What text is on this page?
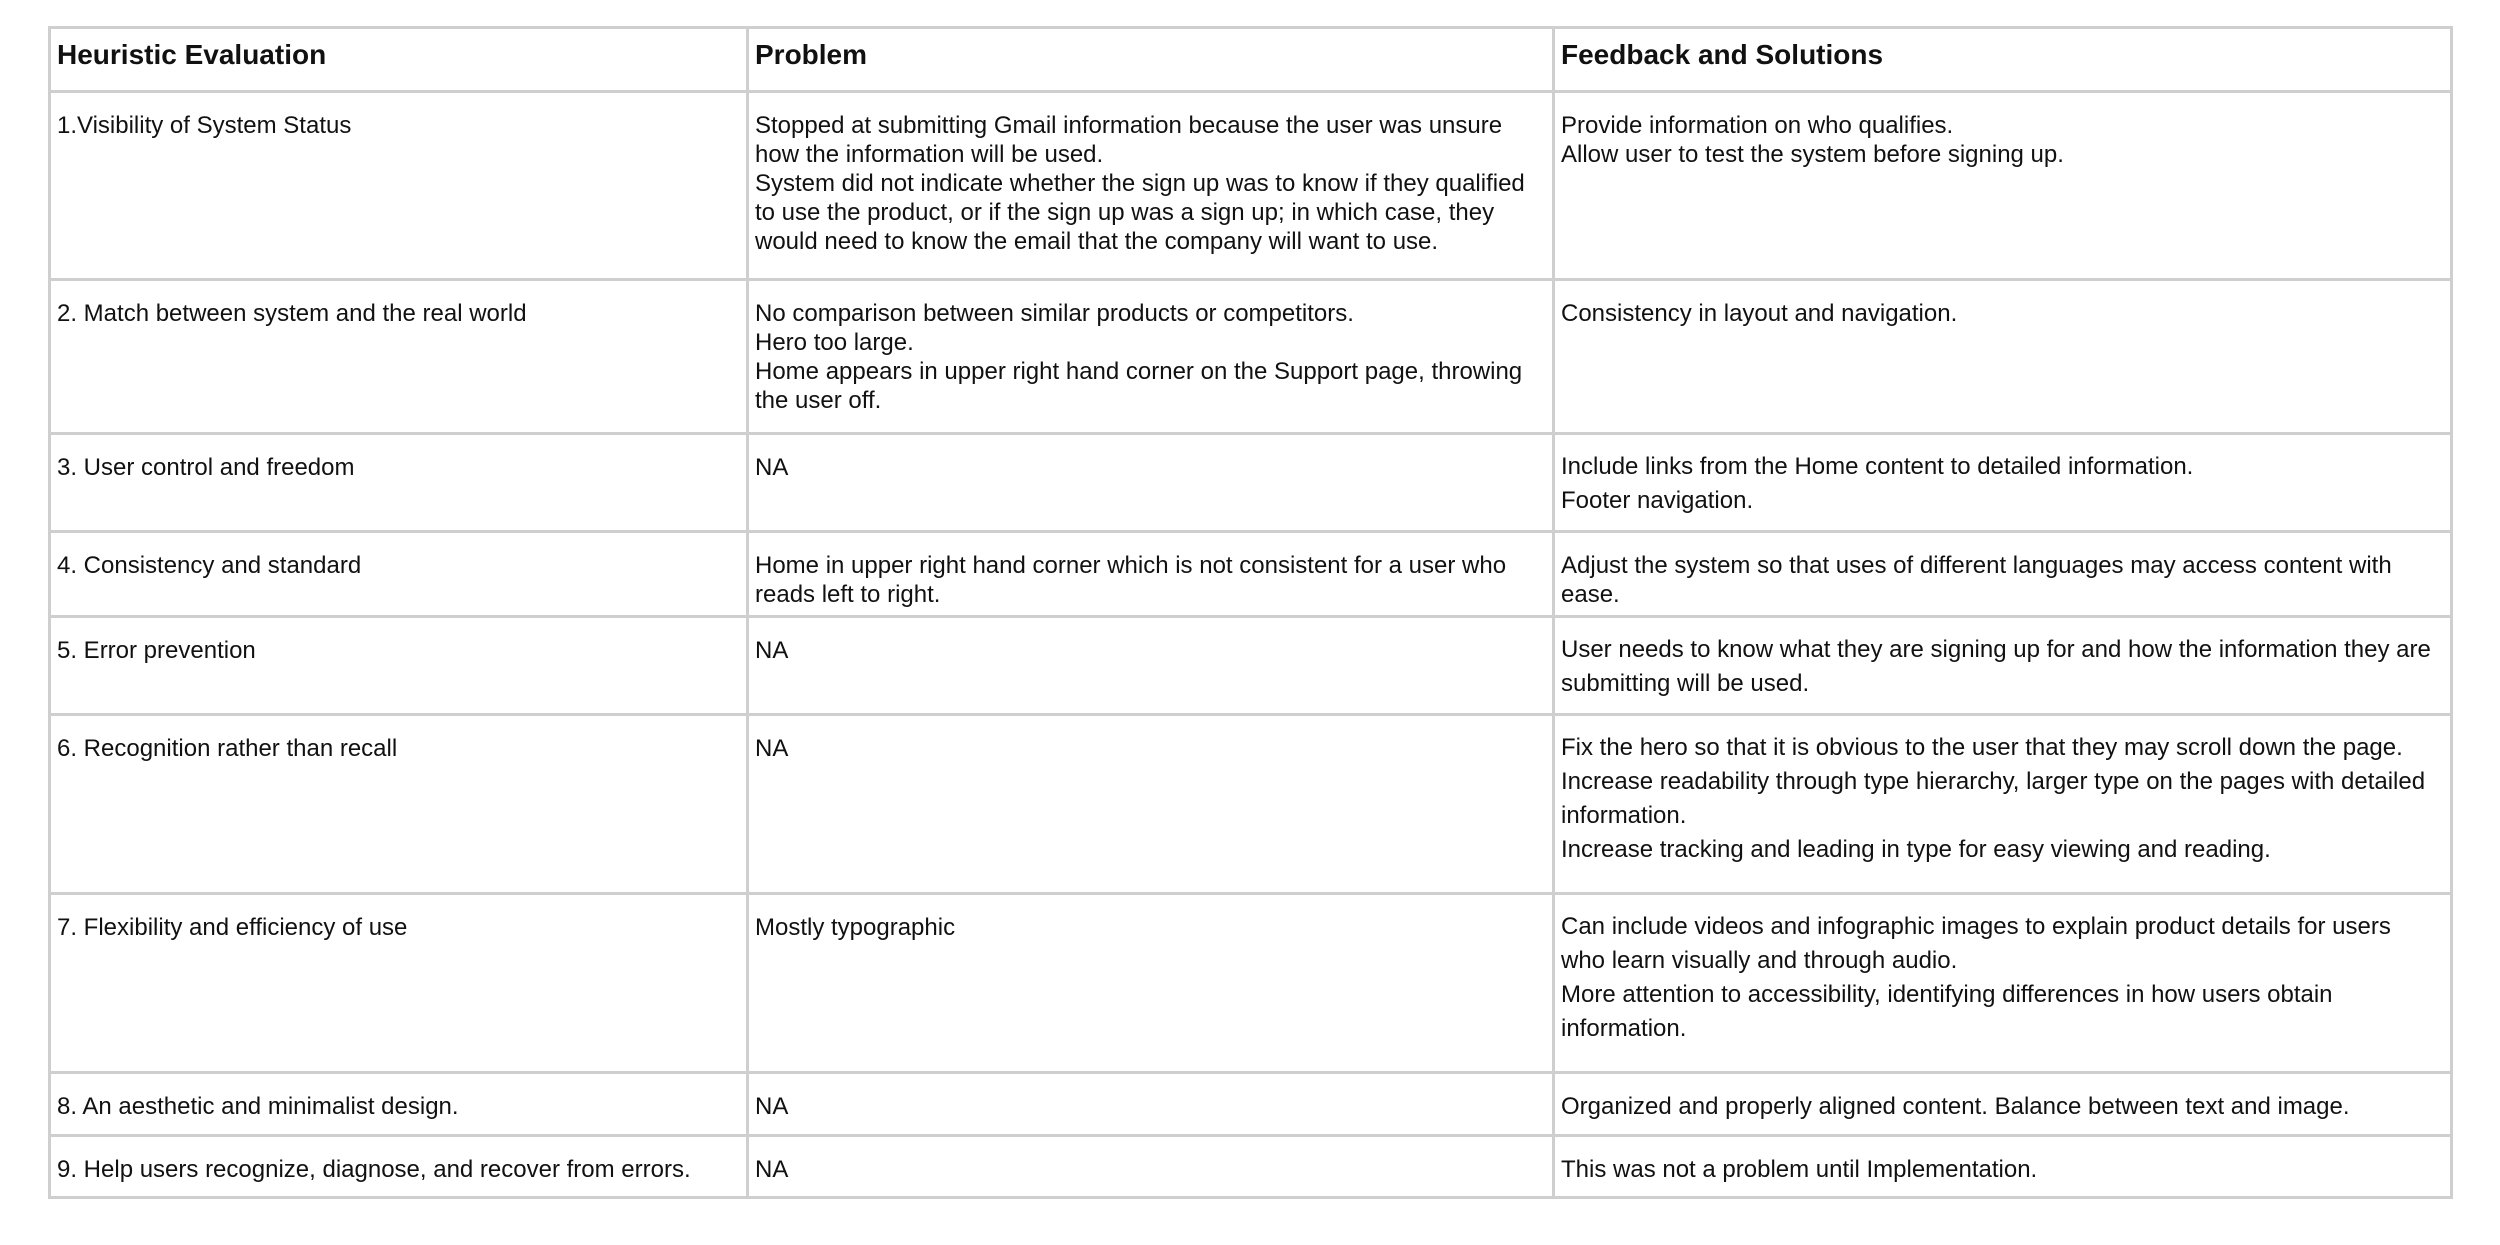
Heuristic Evaluation	Problem	Feedback and Solutions
1.Visibility of System Status	Stopped at submitting Gmail information because the user was unsure
how the information will be used.
System did not indicate whether the sign up was to know if they qualified
to use the product, or if the sign up was a sign up; in which case, they
would need to know the email that the company will want to use.	Provide information on who qualifies.
Allow user to test the system before signing up.

2. Match between system and the real world	No comparison between similar products or competitors.
Hero too large.
Home appears in upper right hand corner on the Support page, throwing
the user off.	Consistency in layout and navigation.

3. User control and freedom	NA	Include links from the Home content to detailed information.
Footer navigation.

4. Consistency and standard	Home in upper right hand corner which is not consistent for a user who
reads left to right.	Adjust the system so that uses of different languages may access content with
ease.

5. Error prevention	NA	User needs to know what they are signing up for and how the information they are
submitting will be used.

6. Recognition rather than recall	NA	Fix the hero so that it is obvious to the user that they may scroll down the page.
Increase readability through type hierarchy, larger type on the pages with detailed
information.
Increase tracking and leading in type for easy viewing and reading.

7. Flexibility and efficiency of use	Mostly typographic	Can include videos and infographic images to explain product details for users
who learn visually and through audio.
More attention to accessibility, identifying differences in how users obtain
information.

8. An aesthetic and minimalist design.	NA	Organized and properly aligned content. Balance between text and image.

9. Help users recognize, diagnose, and recover from errors.	NA	This was not a problem until Implementation.
